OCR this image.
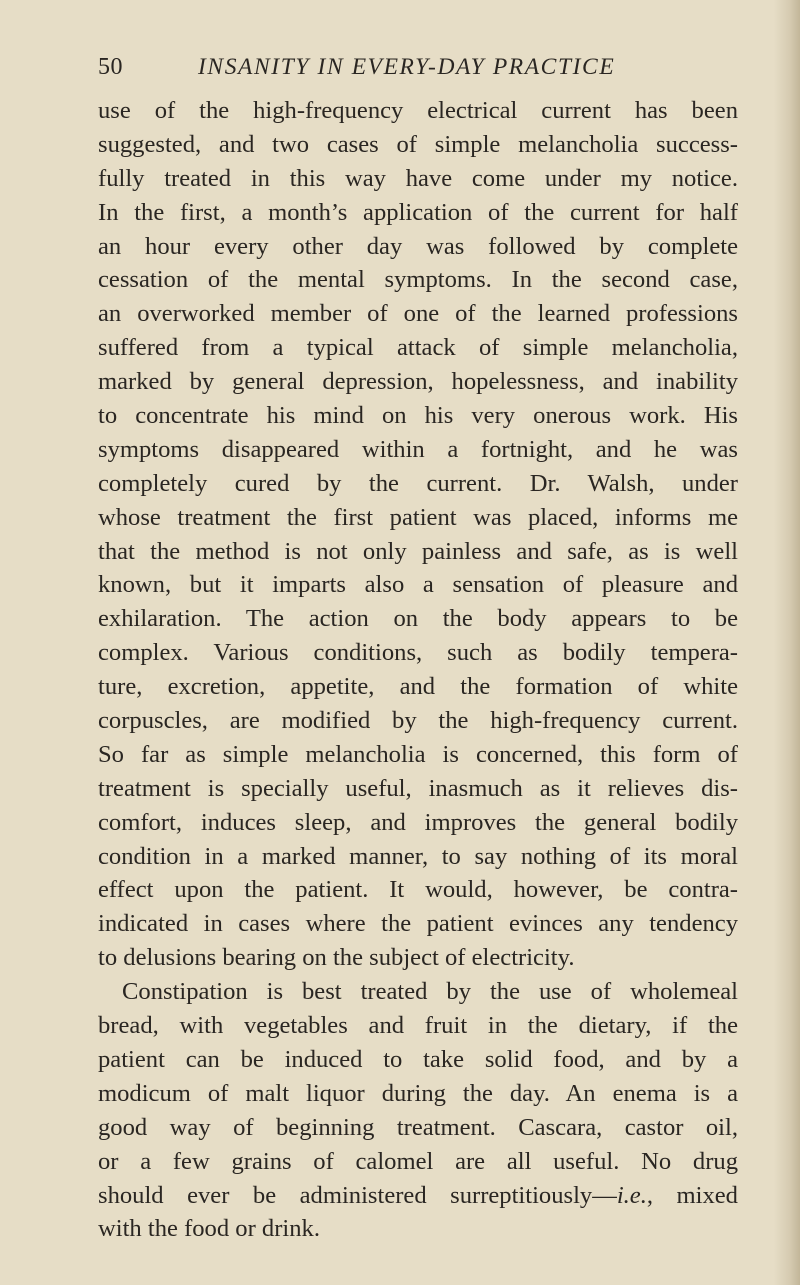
50	INSANITY IN EVERY-DAY PRACTICE
use of the high-frequency electrical current has been
suggested, and two cases of simple melancholia success-
fully treated in this way have come under my notice.
In the first, a month’s application of the current for half
an hour every other day was followed by complete
cessation of the mental symptoms. In the second case,
an overworked member of one of the learned professions
suffered from a typical attack of simple melancholia,
marked by general depression, hopelessness, and inability
to concentrate his mind on his very onerous work. His
symptoms disappeared within a fortnight, and he was
completely cured by the current. Dr. Walsh, under
whose treatment the first patient was placed, informs me
that the method is not only painless and safe, as is well
known, but it imparts also a sensation of pleasure and
exhilaration. The action on the body appears to be
complex. Various conditions, such as bodily tempera-
ture, excretion, appetite, and the formation of white
corpuscles, are modified by the high-frequency current.
So far as simple melancholia is concerned, this form of
treatment is specially useful, inasmuch as it relieves dis-
comfort, induces sleep, and improves the general bodily
condition in a marked manner, to say nothing of its moral
effect upon the patient. It would, however, be contra-
indicated in cases where the patient evinces any tendency
to delusions bearing on the subject of electricity.
Constipation is best treated by the use of wholemeal
bread, with vegetables and fruit in the dietary, if the
patient can be induced to take solid food, and by a
modicum of malt liquor during the day. An enema is a
good way of beginning treatment. Cascara, castor oil,
or a few grains of calomel are all useful. No drug
should ever be administered surreptitiously—i.e., mixed
with the food or drink.
